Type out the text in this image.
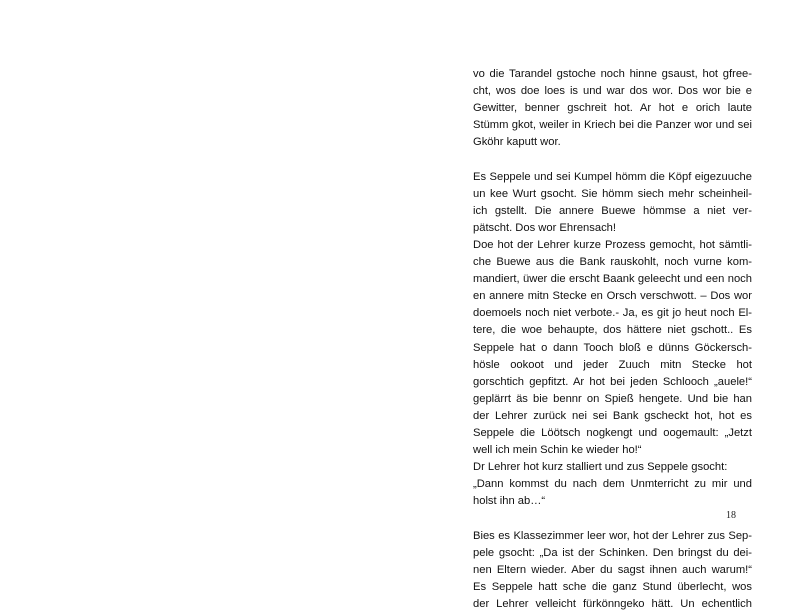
vo die Tarandel gstoche noch hinne gsaust, hot gfree-
cht, wos doe loes is und war dos wor. Dos wor bie e
Gewitter, benner gschreit hot. Ar hot e orich laute
Stümm gkot, weiler in Kriech bei die Panzer wor und sei
Gköhr kaputt wor.
Es Seppele und sei Kumpel hömm die Köpf eigezuuche
un kee Wurt gsocht. Sie hömm siech mehr scheinheil-
ich gstellt. Die annere Buewe hömmse a niet ver-
pätscht. Dos wor Ehrensach!
Doe hot der Lehrer kurze Prozess gemocht, hot sämtli-
che Buewe aus die Bank rauskohlt, noch vurne kom-
mandiert, üwer die erscht Baank geleecht und een noch
en annere mitn Stecke en Orsch verschwott. – Dos wor
doemoels noch niet verbote.- Ja, es git jo heut noch El-
tere, die woe behaupte, dos hättere niet gschott.. Es
Seppele hat o dann Tooch bloß e dünns Göckersch-
hösle ookoot und jeder Zuuch mitn Stecke hot
gorschtich gepfitzt. Ar hot bei jeden Schlooch „auele!“
geplärrt äs bie bennr on Spieß hengete. Und bie han
der Lehrer zurück nei sei Bank gscheckt hot, hot es
Seppele die Löötsch nogkengt und oogemault: „Jetzt
well ich mein Schin ke wieder ho!“
Dr Lehrer hot kurz stalliert und zus Seppele gsocht:
„Dann kommst du nach dem Unmterricht zu mir und
holst ihn ab…“
Bies es Klassezimmer leer wor, hot der Lehrer zus Sep-
pele gsocht: „Da ist der Schinken. Den bringst du dei-
nen Eltern wieder. Aber du sagst ihnen auch warum!“
Es Seppele hatt sche die ganz Stund überlecht, wos
der Lehrer velleicht fürkönngeko hätt. Un echentlich
18
